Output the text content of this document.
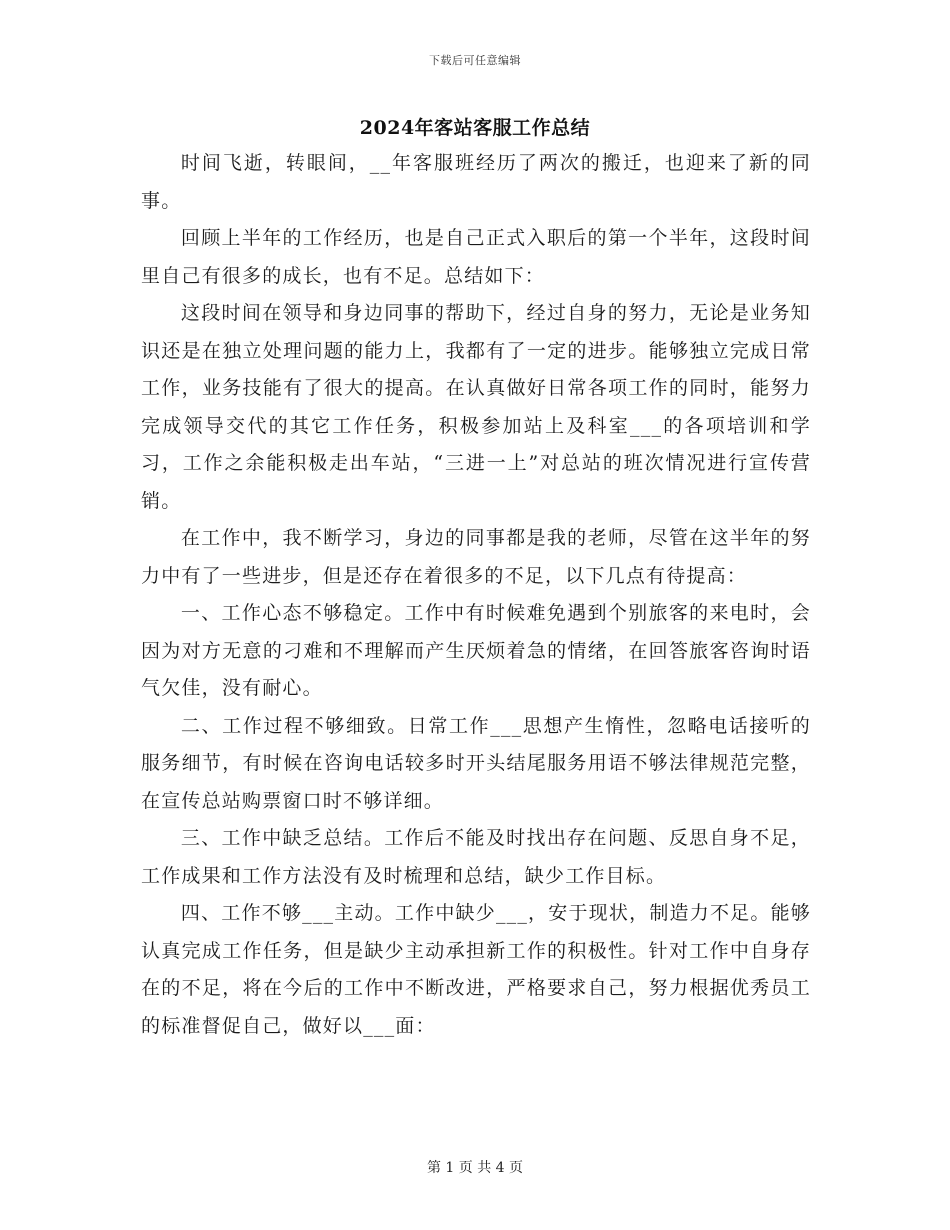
下载后可任意编辑
2024年客站客服工作总结

时间飞逝，转眼间，__年客服班经历了两次的搬迁，也迎来了新的同事。

回顾上半年的工作经历，也是自己正式入职后的第一个半年，这段时间里自己有很多的成长，也有不足。总结如下：

这段时间在领导和身边同事的帮助下，经过自身的努力，无论是业务知识还是在独立处理问题的能力上，我都有了一定的进步。能够独立完成日常工作，业务技能有了很大的提高。在认真做好日常各项工作的同时，能努力完成领导交代的其它工作任务，积极参加站上及科室___的各项培训和学习，工作之余能积极走出车站，“三进一上”对总站的班次情况进行宣传营销。

在工作中，我不断学习，身边的同事都是我的老师，尽管在这半年的努力中有了一些进步，但是还存在着很多的不足，以下几点有待提高：

一、工作心态不够稳定。工作中有时候难免遇到个别旅客的来电时，会因为对方无意的刁难和不理解而产生厌烦着急的情绪，在回答旅客咨询时语气欠佳，没有耐心。

二、工作过程不够细致。日常工作___思想产生惰性，忽略电话接听的服务细节，有时候在咨询电话较多时开头结尾服务用语不够法律规范完整，在宣传总站购票窗口时不够详细。

三、工作中缺乏总结。工作后不能及时找出存在问题、反思自身不足，工作成果和工作方法没有及时梳理和总结，缺少工作目标。

四、工作不够___主动。工作中缺少___，安于现状，制造力不足。能够认真完成工作任务，但是缺少主动承担新工作的积极性。针对工作中自身存在的不足，将在今后的工作中不断改进，严格要求自己，努力根据优秀员工的标准督促自己，做好以___面：

第 1 页 共 4 页
